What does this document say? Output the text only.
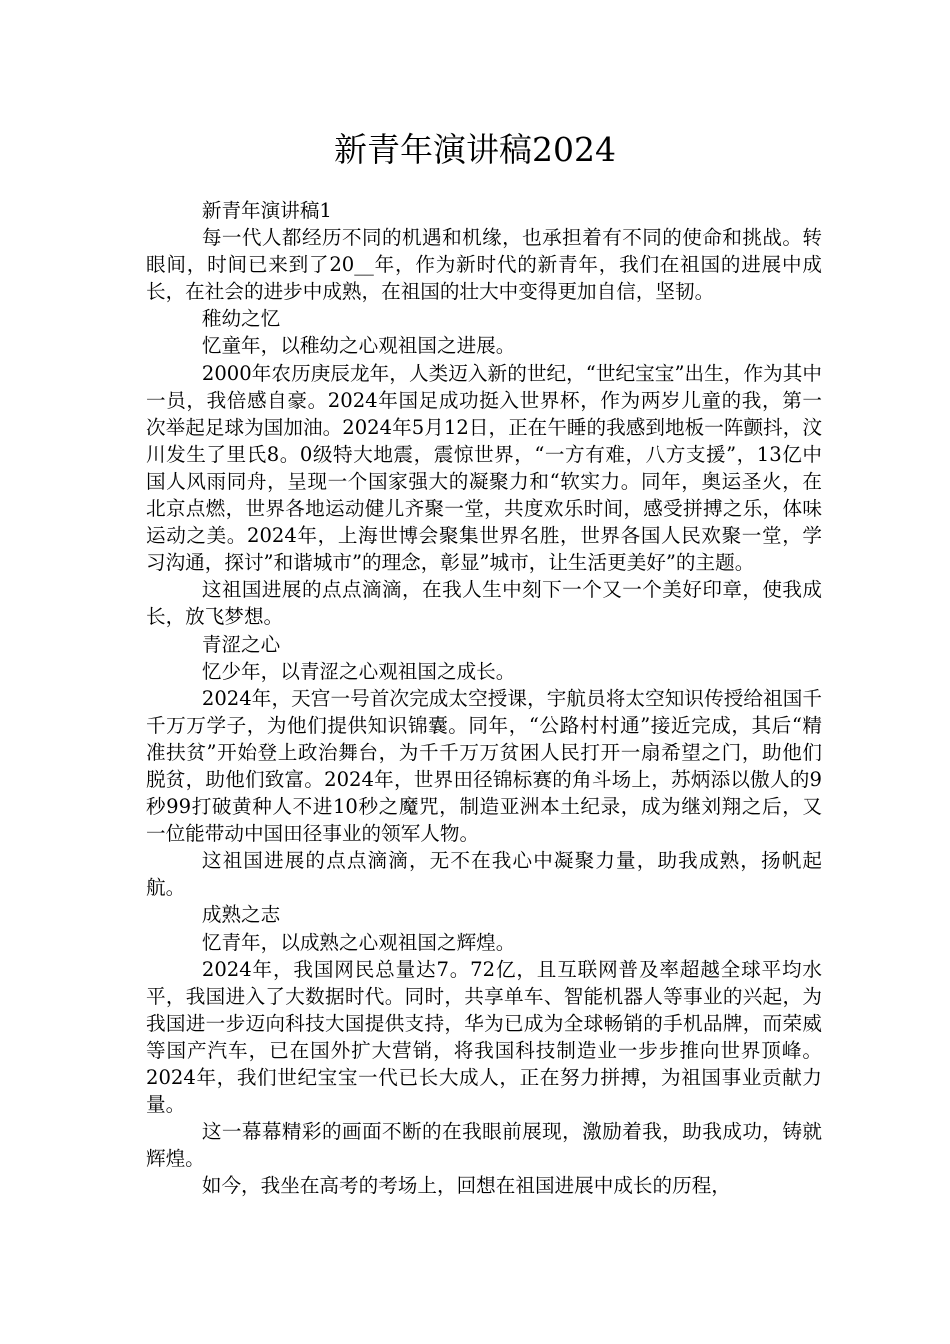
新青年演讲稿2024

新青年演讲稿1

每一代人都经历不同的机遇和机缘，也承担着有不同的使命和挑战。转眼间，时间已来到了20__年，作为新时代的新青年，我们在祖国的进展中成长，在社会的进步中成熟，在祖国的壮大中变得更加自信，坚韧。

稚幼之忆

忆童年，以稚幼之心观祖国之进展。

2000年农历庚辰龙年，人类迈入新的世纪，“世纪宝宝”出生，作为其中一员，我倍感自豪。2024年国足成功挺入世界杯，作为两岁儿童的我，第一次举起足球为国加油。2024年5月12日，正在午睡的我感到地板一阵颤抖，汶川发生了里氏8。0级特大地震，震惊世界，“一方有难，八方支援”，13亿中国人风雨同舟，呈现一个国家强大的凝聚力和“软实力。同年，奥运圣火，在北京点燃，世界各地运动健儿齐聚一堂，共度欢乐时间，感受拼搏之乐，体味运动之美。2024年，上海世博会聚集世界名胜，世界各国人民欢聚一堂，学习沟通，探讨”和谐城市”的理念，彰显”城市，让生活更美好”的主题。

这祖国进展的点点滴滴，在我人生中刻下一个又一个美好印章，使我成长，放飞梦想。

青涩之心

忆少年，以青涩之心观祖国之成长。

2024年，天宫一号首次完成太空授课，宇航员将太空知识传授给祖国千千万万学子，为他们提供知识锦囊。同年，“公路村村通”接近完成，其后“精准扶贫”开始登上政治舞台，为千千万万贫困人民打开一扇希望之门，助他们脱贫，助他们致富。2024年，世界田径锦标赛的角斗场上，苏炳添以傲人的9秒99打破黄种人不进10秒之魔咒，制造亚洲本土纪录，成为继刘翔之后，又一位能带动中国田径事业的领军人物。

这祖国进展的点点滴滴，无不在我心中凝聚力量，助我成熟，扬帆起航。

成熟之志

忆青年，以成熟之心观祖国之辉煌。

2024年，我国网民总量达7。72亿，且互联网普及率超越全球平均水平，我国进入了大数据时代。同时，共享单车、智能机器人等事业的兴起，为我国进一步迈向科技大国提供支持，华为已成为全球畅销的手机品牌，而荣威等国产汽车，已在国外扩大营销，将我国科技制造业一步步推向世界顶峰。2024年，我们世纪宝宝一代已长大成人，正在努力拼搏，为祖国事业贡献力量。

这一幕幕精彩的画面不断的在我眼前展现，激励着我，助我成功，铸就辉煌。

如今，我坐在高考的考场上，回想在祖国进展中成长的历程，
